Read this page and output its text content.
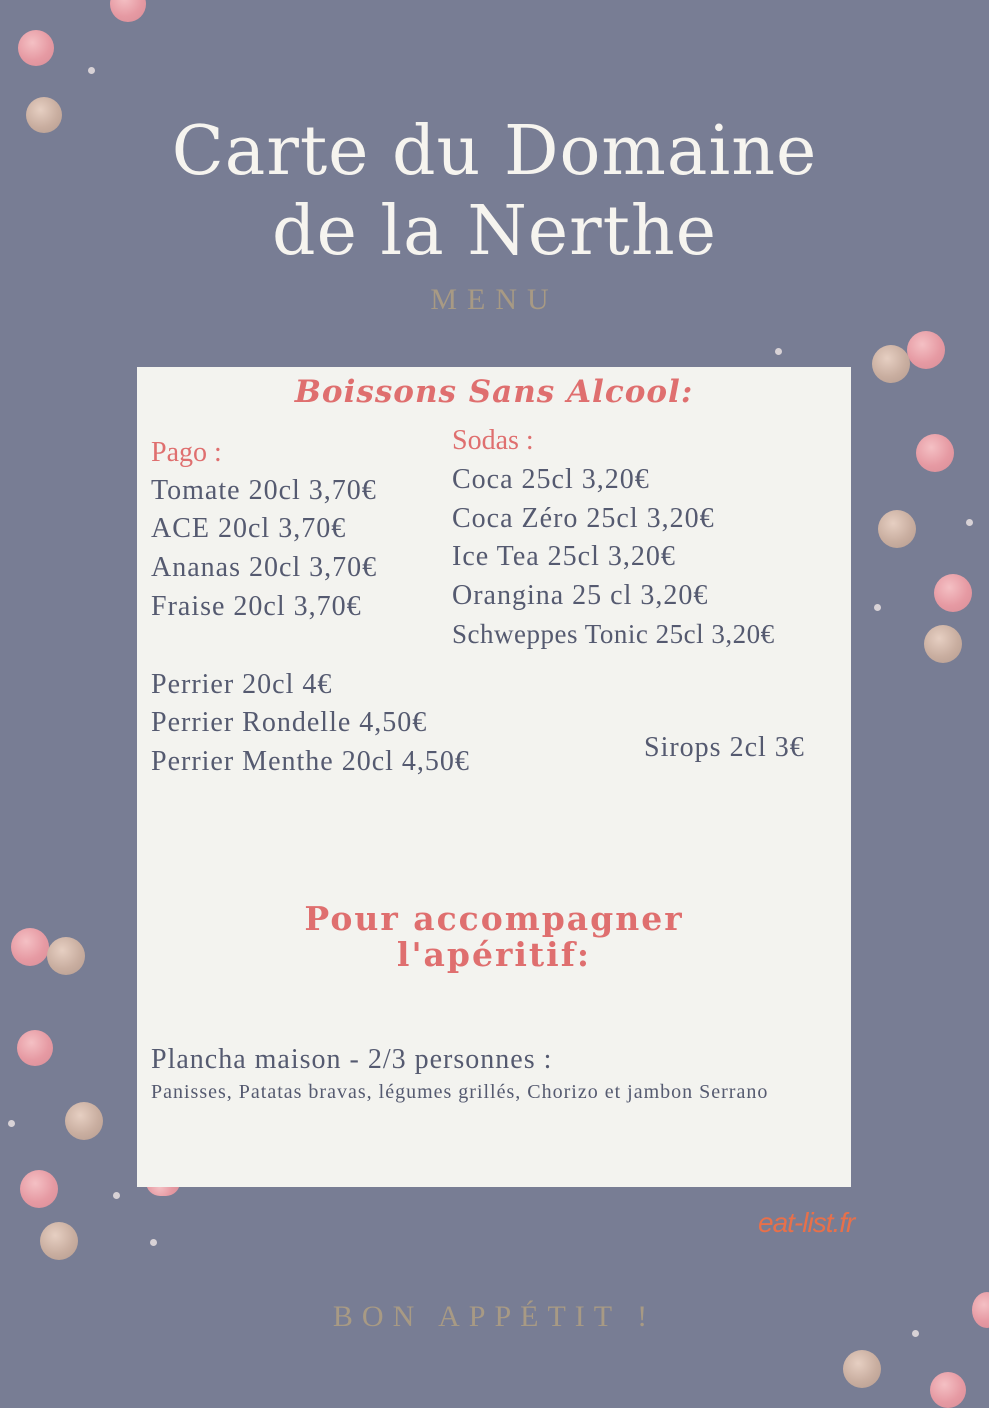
Carte du Domaine
de la Nerthe
MENU
Boissons Sans Alcool:
Pago :
Tomate 20cl 3,70€
ACE 20cl 3,70€
Ananas 20cl 3,70€
Fraise 20cl 3,70€
Sodas :
Coca 25cl 3,20€
Coca Zéro 25cl 3,20€
Ice Tea 25cl 3,20€
Orangina 25 cl 3,20€
Schweppes Tonic 25cl 3,20€
Perrier 20cl 4€
Perrier Rondelle 4,50€
Perrier Menthe 20cl 4,50€	Sirops 2cl 3€
Pour accompagner
l'apéritif:
Plancha maison - 2/3 personnes :
Panisses, Patatas bravas, légumes grillés, Chorizo et jambon Serrano
eat-list.fr
BON APPÉTIT !
